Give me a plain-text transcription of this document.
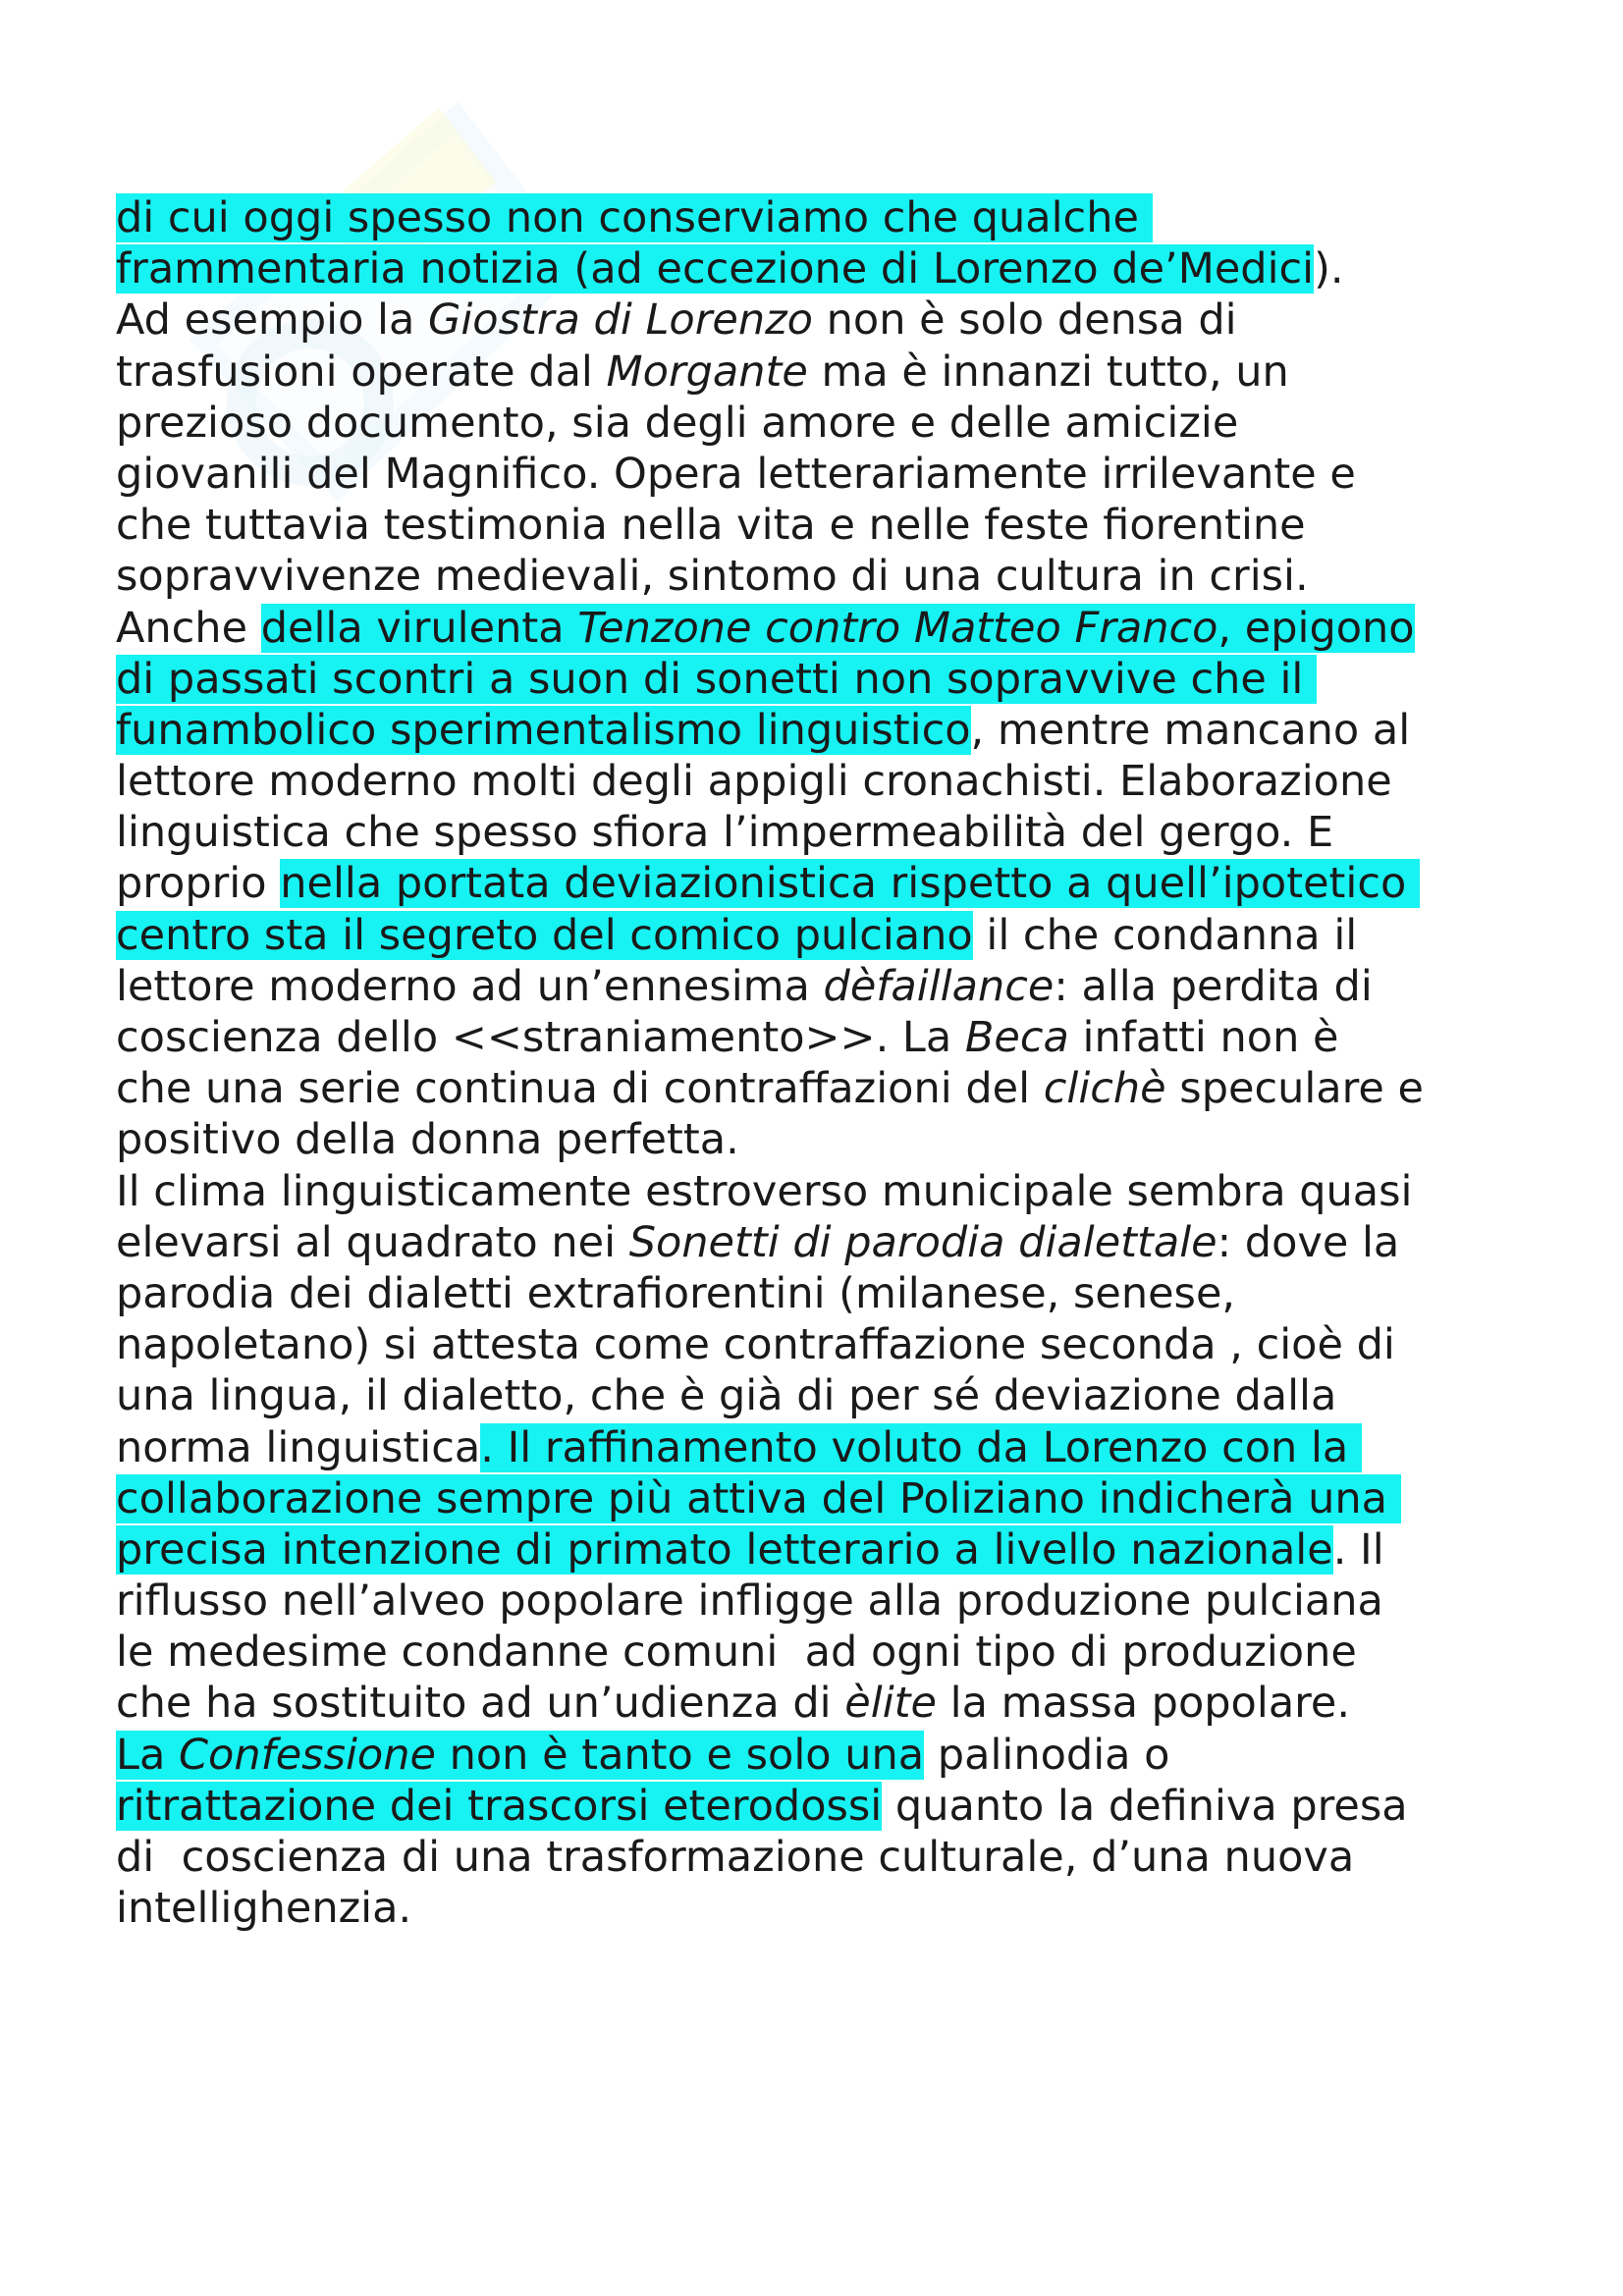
di cui oggi spesso non conserviamo che qualche
frammentaria notizia (ad eccezione di Lorenzo de’Medici).
Ad esempio la Giostra di Lorenzo non è solo densa di
trasfusioni operate dal Morgante ma è innanzi tutto, un
prezioso documento, sia degli amore e delle amicizie
giovanili del Magnifico. Opera letterariamente irrilevante e
che tuttavia testimonia nella vita e nelle feste fiorentine
sopravvivenze medievali, sintomo di una cultura in crisi.
Anche della virulenta Tenzone contro Matteo Franco, epigono
di passati scontri a suon di sonetti non sopravvive che il
funambolico sperimentalismo linguistico, mentre mancano al
lettore moderno molti degli appigli cronachisti. Elaborazione
linguistica che spesso sfiora l’impermeabilità del gergo. E
proprio nella portata deviazionistica rispetto a quell’ipotetico
centro sta il segreto del comico pulciano il che condanna il
lettore moderno ad un’ennesima dèfaillance: alla perdita di
coscienza dello <<straniamento>>. La Beca infatti non è
che una serie continua di contraffazioni del clichè speculare e
positivo della donna perfetta.
Il clima linguisticamente estroverso municipale sembra quasi
elevarsi al quadrato nei Sonetti di parodia dialettale: dove la
parodia dei dialetti extrafiorentini (milanese, senese,
napoletano) si attesta come contraffazione seconda , cioè di
una lingua, il dialetto, che è già di per sé deviazione dalla
norma linguistica. Il raffinamento voluto da Lorenzo con la
collaborazione sempre più attiva del Poliziano indicherà una
precisa intenzione di primato letterario a livello nazionale. Il
riflusso nell’alveo popolare infligge alla produzione pulciana
le medesime condanne comuni  ad ogni tipo di produzione
che ha sostituito ad un’udienza di èlite la massa popolare.
La Confessione non è tanto e solo una palinodia o
ritrattazione dei trascorsi eterodossi quanto la definiva presa
di  coscienza di una trasformazione culturale, d’una nuova
intellighenzia.
